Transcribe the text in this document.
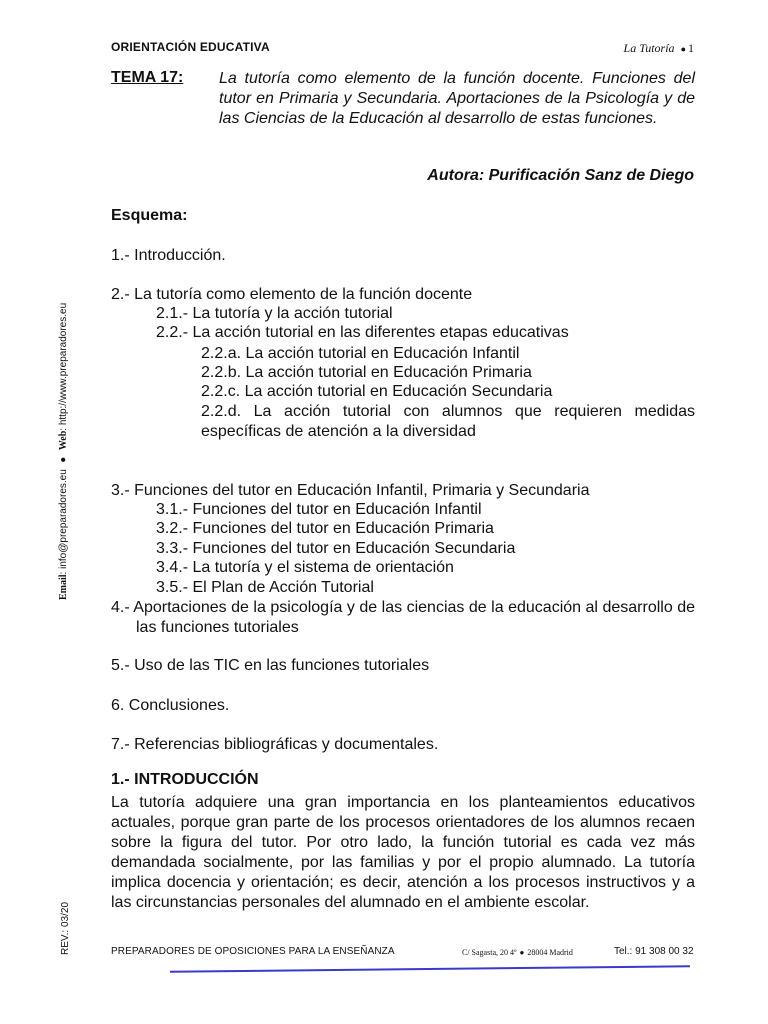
ORIENTACIÓN EDUCATIVA	La Tutoría ● 1
TEMA 17: La tutoría como elemento de la función docente. Funciones del tutor en Primaria y Secundaria. Aportaciones de la Psicología y de las Ciencias de la Educación al desarrollo de estas funciones.
Autora: Purificación Sanz de Diego
Esquema:
1.- Introducción.
2.- La tutoría como elemento de la función docente
2.1.- La tutoría y la acción tutorial
2.2.- La acción tutorial en las diferentes etapas educativas
2.2.a. La acción tutorial en Educación Infantil
2.2.b. La acción tutorial en Educación Primaria
2.2.c. La acción tutorial en Educación Secundaria
2.2.d. La acción tutorial con alumnos que requieren medidas específicas de atención a la diversidad
3.- Funciones del tutor en Educación Infantil, Primaria y Secundaria
3.1.- Funciones del tutor en Educación Infantil
3.2.- Funciones del tutor en Educación Primaria
3.3.- Funciones del tutor en Educación Secundaria
3.4.- La tutoría y el sistema de orientación
3.5.- El Plan de Acción Tutorial
4.- Aportaciones de la psicología y de las ciencias de la educación al desarrollo de las funciones tutoriales
5.- Uso de las TIC en las funciones tutoriales
6. Conclusiones.
7.- Referencias bibliográficas y documentales.
1.- INTRODUCCIÓN
La tutoría adquiere una gran importancia en los planteamientos educativos actuales, porque gran parte de los procesos orientadores de los alumnos recaen sobre la figura del tutor. Por otro lado, la función tutorial es cada vez más demandada socialmente, por las familias y por el propio alumnado. La tutoría implica docencia y orientación; es decir, atención a los procesos instructivos y a las circunstancias personales del alumnado en el ambiente escolar.
Email: info@preparadores.eu ● Web: http://www.preparadores.eu
REV.: 03/20	PREPARADORES DE OPOSICIONES PARA LA ENSEÑANZA	C/ Sagasta, 20 4º ● 28004 Madrid	Tel.: 91 308 00 32
